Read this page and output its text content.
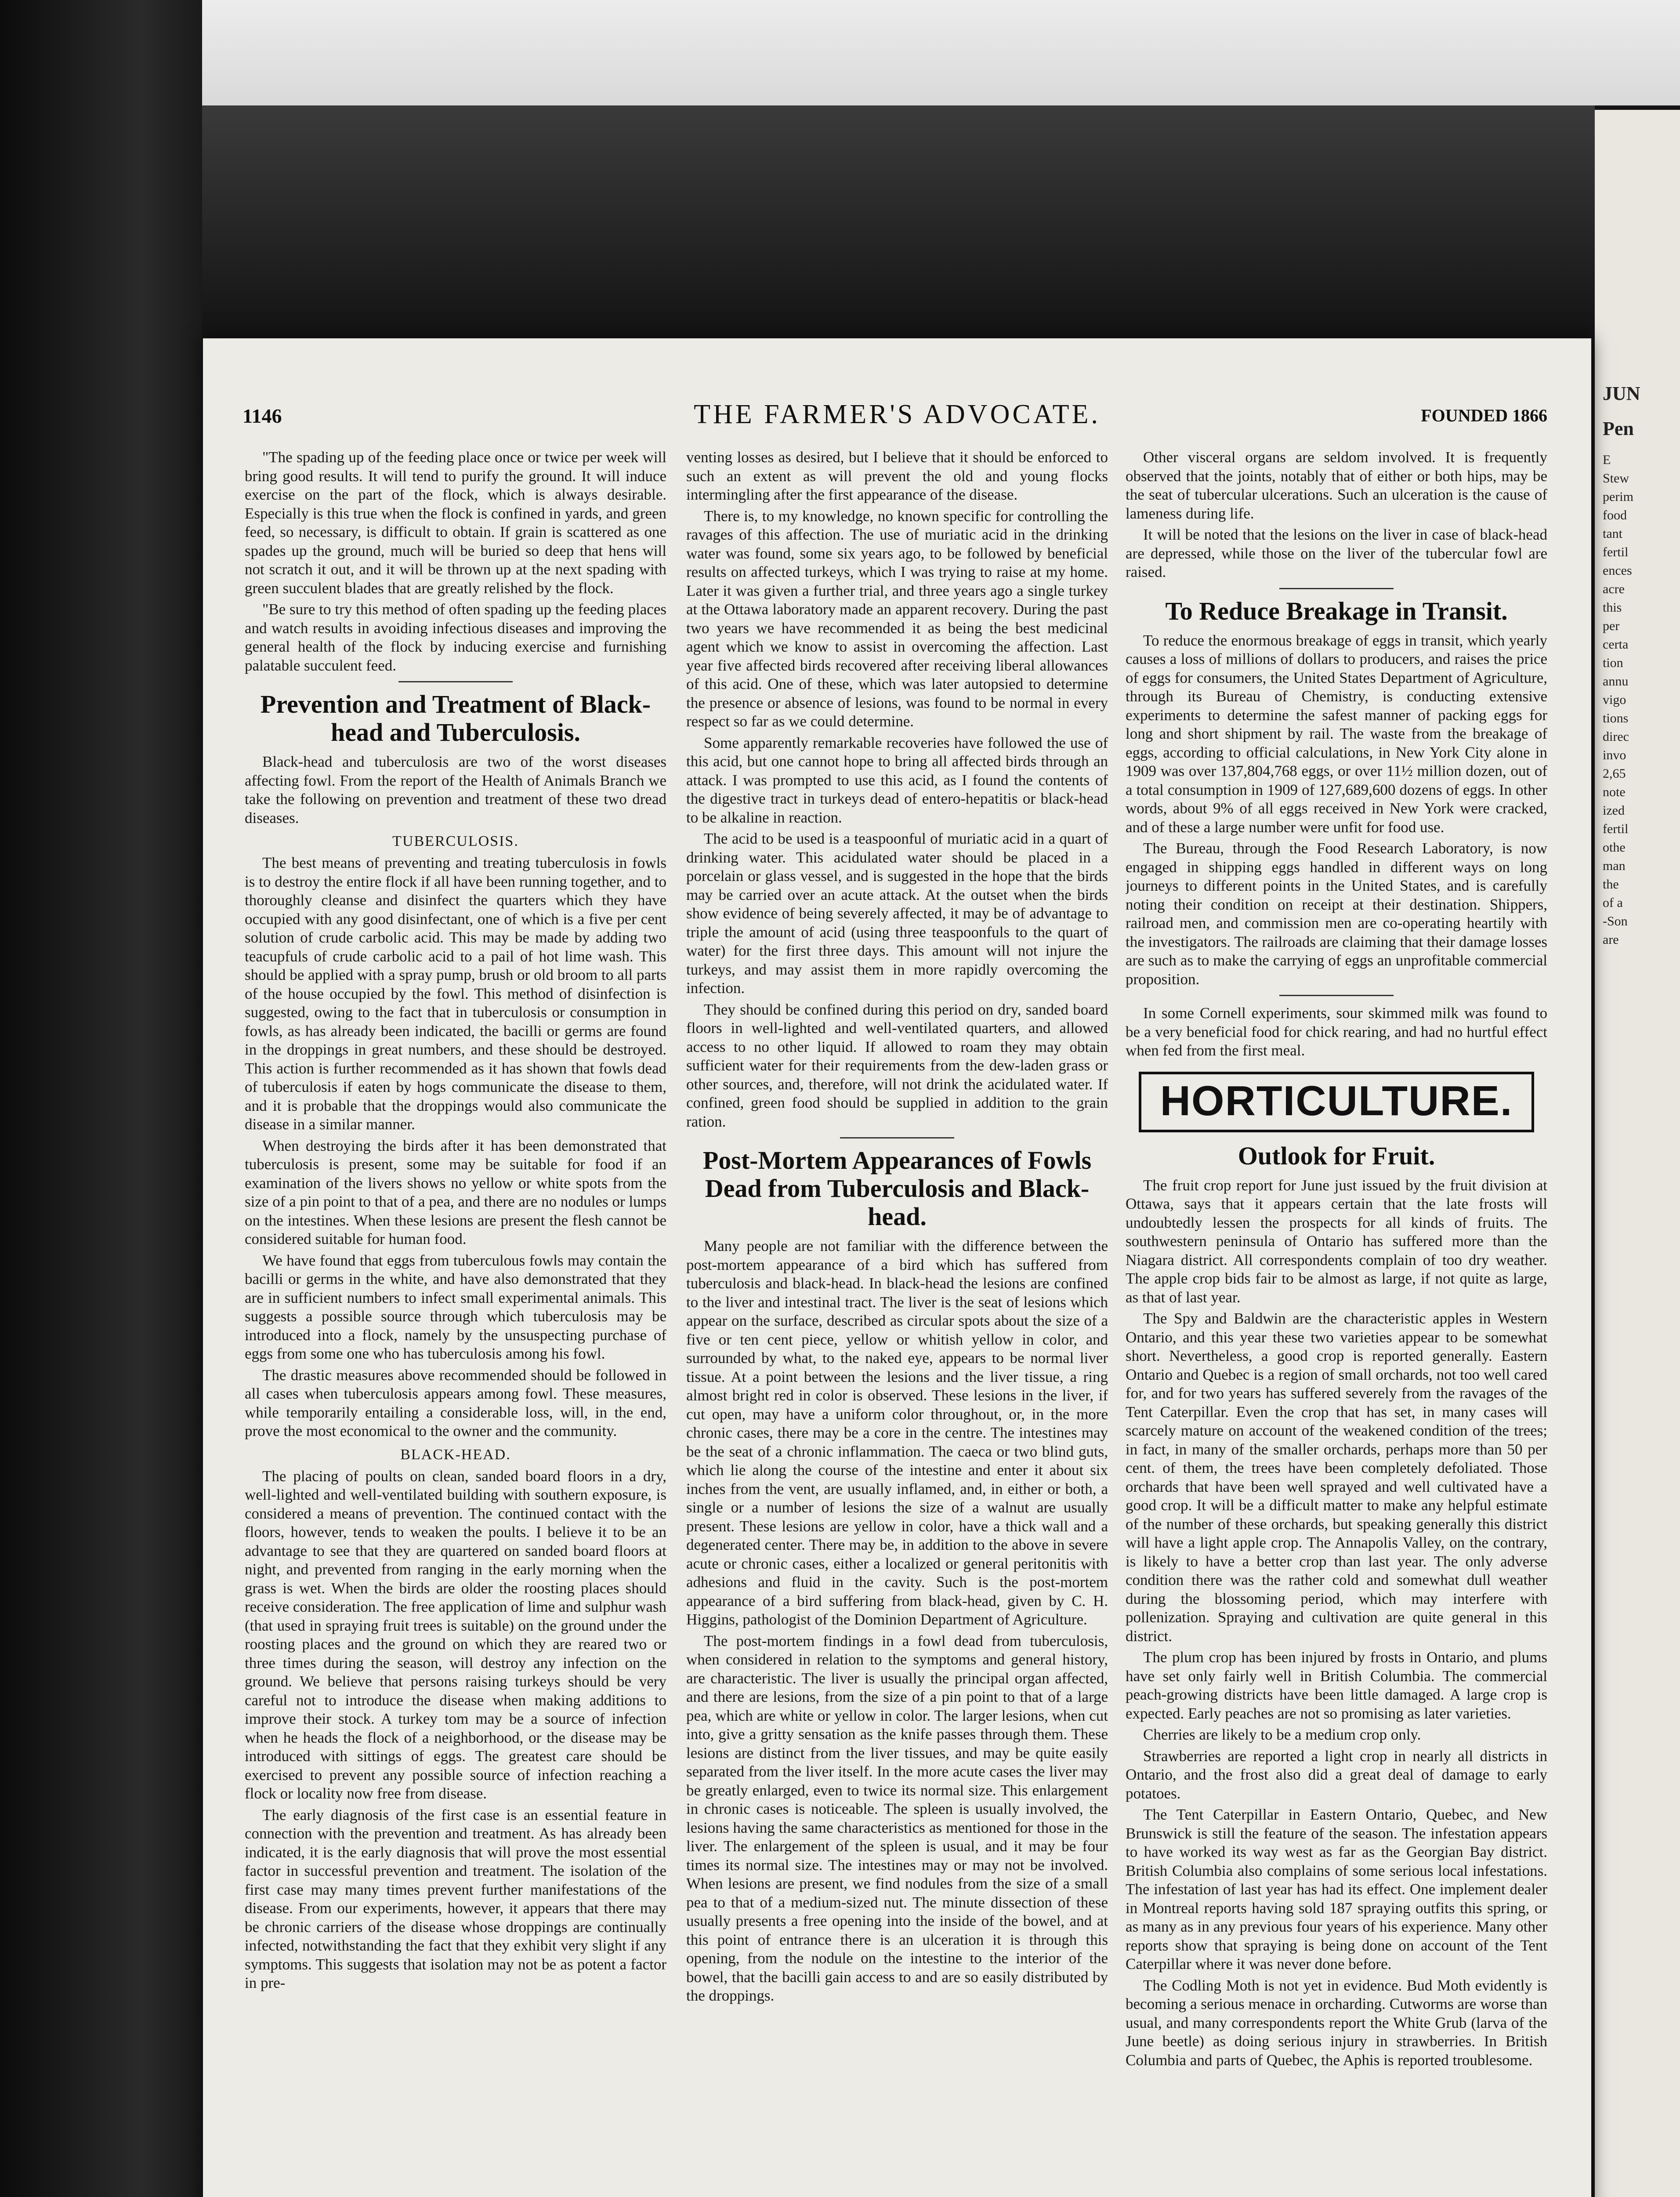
JUN
Pen
E
Stew
perim
food
tant
fertil
ences
acre
this
per
certa
tion
annu
vigo
tions
direc
invo
2,65
note
ized
fertil
othe
man
the
of a
-Son
are
1146	THE FARMER'S ADVOCATE.	FOUNDED 1866

"The spading up of the feeding place once or twice per week will bring good results. It will tend to purify the ground. It will induce exercise on the part of the flock, which is always desirable. Especially is this true when the flock is confined in yards, and green feed, so necessary, is difficult to obtain. If grain is scattered as one spades up the ground, much will be buried so deep that hens will not scratch it out, and it will be thrown up at the next spading with green succulent blades that are greatly relished by the flock.

"Be sure to try this method of often spading up the feeding places and watch results in avoiding infectious diseases and improving the general health of the flock by inducing exercise and furnishing palatable succulent feed.

Prevention and Treatment of Black-head and Tuberculosis.

Black-head and tuberculosis are two of the worst diseases affecting fowl. From the report of the Health of Animals Branch we take the following on prevention and treatment of these two dread diseases.

TUBERCULOSIS.

The best means of preventing and treating tuberculosis in fowls is to destroy the entire flock if all have been running together, and to thoroughly cleanse and disinfect the quarters which they have occupied with any good disinfectant, one of which is a five per cent solution of crude carbolic acid. This may be made by adding two teacupfuls of crude carbolic acid to a pail of hot lime wash. This should be applied with a spray pump, brush or old broom to all parts of the house occupied by the fowl. This method of disinfection is suggested, owing to the fact that in tuberculosis or consumption in fowls, as has already been indicated, the bacilli or germs are found in the droppings in great numbers, and these should be destroyed. This action is further recommended as it has shown that fowls dead of tuberculosis if eaten by hogs communicate the disease to them, and it is probable that the droppings would also communicate the disease in a similar manner.

When destroying the birds after it has been demonstrated that tuberculosis is present, some may be suitable for food if an examination of the livers shows no yellow or white spots from the size of a pin point to that of a pea, and there are no nodules or lumps on the intestines. When these lesions are present the flesh cannot be considered suitable for human food.

We have found that eggs from tuberculous fowls may contain the bacilli or germs in the white, and have also demonstrated that they are in sufficient numbers to infect small experimental animals. This suggests a possible source through which tuberculosis may be introduced into a flock, namely by the unsuspecting purchase of eggs from some one who has tuberculosis among his fowl.

The drastic measures above recommended should be followed in all cases when tuberculosis appears among fowl. These measures, while temporarily entailing a considerable loss, will, in the end, prove the most economical to the owner and the community.

BLACK-HEAD.

The placing of poults on clean, sanded board floors in a dry, well-lighted and well-ventilated building with southern exposure, is considered a means of prevention. The continued contact with the floors, however, tends to weaken the poults. I believe it to be an advantage to see that they are quartered on sanded board floors at night, and prevented from ranging in the early morning when the grass is wet. When the birds are older the roosting places should receive consideration. The free application of lime and sulphur wash (that used in spraying fruit trees is suitable) on the ground under the roosting places and the ground on which they are reared two or three times during the season, will destroy any infection on the ground. We believe that persons raising turkeys should be very careful not to introduce the disease when making additions to improve their stock. A turkey tom may be a source of infection when he heads the flock of a neighborhood, or the disease may be introduced with sittings of eggs. The greatest care should be exercised to prevent any possible source of infection reaching a flock or locality now free from disease.

The early diagnosis of the first case is an essential feature in connection with the prevention and treatment. As has already been indicated, it is the early diagnosis that will prove the most essential factor in successful prevention and treatment. The isolation of the first case may many times prevent further manifestations of the disease. From our experiments, however, it appears that there may be chronic carriers of the disease whose droppings are continually infected, notwithstanding the fact that they exhibit very slight if any symptoms. This suggests that isolation may not be as potent a factor in pre-

venting losses as desired, but I believe that it should be enforced to such an extent as will prevent the old and young flocks intermingling after the first appearance of the disease.

There is, to my knowledge, no known specific for controlling the ravages of this affection. The use of muriatic acid in the drinking water was found, some six years ago, to be followed by beneficial results on affected turkeys, which I was trying to raise at my home. Later it was given a further trial, and three years ago a single turkey at the Ottawa laboratory made an apparent recovery. During the past two years we have recommended it as being the best medicinal agent which we know to assist in overcoming the affection. Last year five affected birds recovered after receiving liberal allowances of this acid. One of these, which was later autopsied to determine the presence or absence of lesions, was found to be normal in every respect so far as we could determine.

Some apparently remarkable recoveries have followed the use of this acid, but one cannot hope to bring all affected birds through an attack. I was prompted to use this acid, as I found the contents of the digestive tract in turkeys dead of entero-hepatitis or black-head to be alkaline in reaction.

The acid to be used is a teaspoonful of muriatic acid in a quart of drinking water. This acidulated water should be placed in a porcelain or glass vessel, and is suggested in the hope that the birds may be carried over an acute attack. At the outset when the birds show evidence of being severely affected, it may be of advantage to triple the amount of acid (using three teaspoonfuls to the quart of water) for the first three days. This amount will not injure the turkeys, and may assist them in more rapidly overcoming the infection.

They should be confined during this period on dry, sanded board floors in well-lighted and well-ventilated quarters, and allowed access to no other liquid. If allowed to roam they may obtain sufficient water for their requirements from the dew-laden grass or other sources, and, therefore, will not drink the acidulated water. If confined, green food should be supplied in addition to the grain ration.

Post-Mortem Appearances of Fowls Dead from Tuberculosis and Black-head.

Many people are not familiar with the difference between the post-mortem appearance of a bird which has suffered from tuberculosis and black-head. In black-head the lesions are confined to the liver and intestinal tract. The liver is the seat of lesions which appear on the surface, described as circular spots about the size of a five or ten cent piece, yellow or whitish yellow in color, and surrounded by what, to the naked eye, appears to be normal liver tissue. At a point between the lesions and the liver tissue, a ring almost bright red in color is observed. These lesions in the liver, if cut open, may have a uniform color throughout, or, in the more chronic cases, there may be a core in the centre. The intestines may be the seat of a chronic inflammation. The caeca or two blind guts, which lie along the course of the intestine and enter it about six inches from the vent, are usually inflamed, and, in either or both, a single or a number of lesions the size of a walnut are usually present. These lesions are yellow in color, have a thick wall and a degenerated center. There may be, in addition to the above in severe acute or chronic cases, either a localized or general peritonitis with adhesions and fluid in the cavity. Such is the post-mortem appearance of a bird suffering from black-head, given by C. H. Higgins, pathologist of the Dominion Department of Agriculture.

The post-mortem findings in a fowl dead from tuberculosis, when considered in relation to the symptoms and general history, are characteristic. The liver is usually the principal organ affected, and there are lesions, from the size of a pin point to that of a large pea, which are white or yellow in color. The larger lesions, when cut into, give a gritty sensation as the knife passes through them. These lesions are distinct from the liver tissues, and may be quite easily separated from the liver itself. In the more acute cases the liver may be greatly enlarged, even to twice its normal size. This enlargement in chronic cases is noticeable. The spleen is usually involved, the lesions having the same characteristics as mentioned for those in the liver. The enlargement of the spleen is usual, and it may be four times its normal size. The intestines may or may not be involved. When lesions are present, we find nodules from the size of a small pea to that of a medium-sized nut. The minute dissection of these usually presents a free opening into the inside of the bowel, and at this point of entrance there is an ulceration it is through this opening, from the nodule on the intestine to the interior of the bowel, that the bacilli gain access to and are so easily distributed by the droppings.

Other visceral organs are seldom involved. It is frequently observed that the joints, notably that of either or both hips, may be the seat of tubercular ulcerations. Such an ulceration is the cause of lameness during life.

It will be noted that the lesions on the liver in case of black-head are depressed, while those on the liver of the tubercular fowl are raised.

To Reduce Breakage in Transit.

To reduce the enormous breakage of eggs in transit, which yearly causes a loss of millions of dollars to producers, and raises the price of eggs for consumers, the United States Department of Agriculture, through its Bureau of Chemistry, is conducting extensive experiments to determine the safest manner of packing eggs for long and short shipment by rail. The waste from the breakage of eggs, according to official calculations, in New York City alone in 1909 was over 137,804,768 eggs, or over 11½ million dozen, out of a total consumption in 1909 of 127,689,600 dozens of eggs. In other words, about 9% of all eggs received in New York were cracked, and of these a large number were unfit for food use.

The Bureau, through the Food Research Laboratory, is now engaged in shipping eggs handled in different ways on long journeys to different points in the United States, and is carefully noting their condition on receipt at their destination. Shippers, railroad men, and commission men are co-operating heartily with the investigators. The railroads are claiming that their damage losses are such as to make the carrying of eggs an unprofitable commercial proposition.

In some Cornell experiments, sour skimmed milk was found to be a very beneficial food for chick rearing, and had no hurtful effect when fed from the first meal.

HORTICULTURE.
Outlook for Fruit.

The fruit crop report for June just issued by the fruit division at Ottawa, says that it appears certain that the late frosts will undoubtedly lessen the prospects for all kinds of fruits. The southwestern peninsula of Ontario has suffered more than the Niagara district. All correspondents complain of too dry weather. The apple crop bids fair to be almost as large, if not quite as large, as that of last year.

The Spy and Baldwin are the characteristic apples in Western Ontario, and this year these two varieties appear to be somewhat short. Nevertheless, a good crop is reported generally. Eastern Ontario and Quebec is a region of small orchards, not too well cared for, and for two years has suffered severely from the ravages of the Tent Caterpillar. Even the crop that has set, in many cases will scarcely mature on account of the weakened condition of the trees; in fact, in many of the smaller orchards, perhaps more than 50 per cent. of them, the trees have been completely defoliated. Those orchards that have been well sprayed and well cultivated have a good crop. It will be a difficult matter to make any helpful estimate of the number of these orchards, but speaking generally this district will have a light apple crop. The Annapolis Valley, on the contrary, is likely to have a better crop than last year. The only adverse condition there was the rather cold and somewhat dull weather during the blossoming period, which may interfere with pollenization. Spraying and cultivation are quite general in this district.

The plum crop has been injured by frosts in Ontario, and plums have set only fairly well in British Columbia. The commercial peach-growing districts have been little damaged. A large crop is expected. Early peaches are not so promising as later varieties.

Cherries are likely to be a medium crop only.

Strawberries are reported a light crop in nearly all districts in Ontario, and the frost also did a great deal of damage to early potatoes.

The Tent Caterpillar in Eastern Ontario, Quebec, and New Brunswick is still the feature of the season. The infestation appears to have worked its way west as far as the Georgian Bay district. British Columbia also complains of some serious local infestations. The infestation of last year has had its effect. One implement dealer in Montreal reports having sold 187 spraying outfits this spring, or as many as in any previous four years of his experience. Many other reports show that spraying is being done on account of the Tent Caterpillar where it was never done before.

The Codling Moth is not yet in evidence. Bud Moth evidently is becoming a serious menace in orcharding. Cutworms are worse than usual, and many correspondents report the White Grub (larva of the June beetle) as doing serious injury in strawberries. In British Columbia and parts of Quebec, the Aphis is reported troublesome.
